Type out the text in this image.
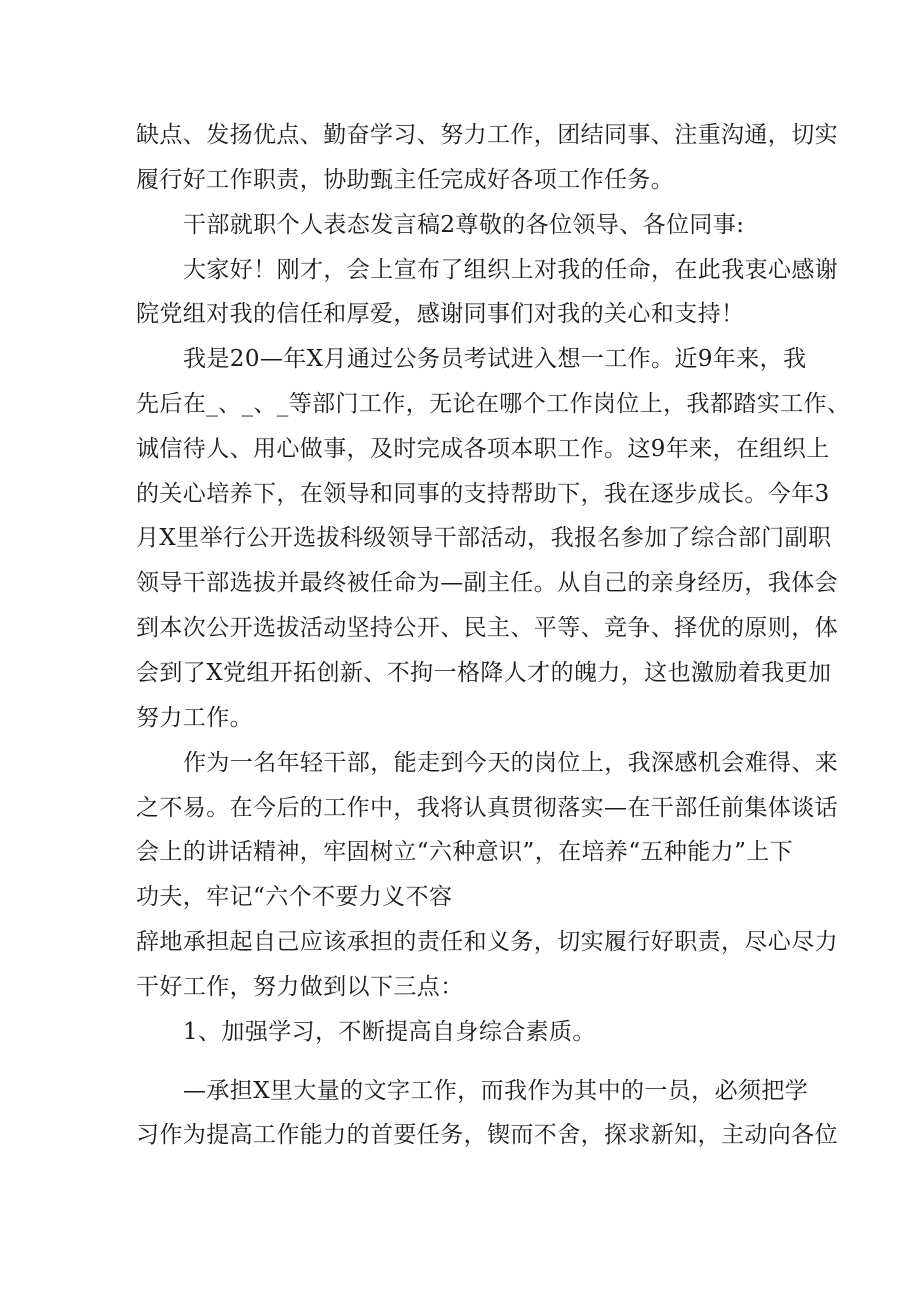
缺点、发扬优点、勤奋学习、努力工作，团结同事、注重沟通，切实
履行好工作职责，协助甄主任完成好各项工作任务。
干部就职个人表态发言稿2尊敬的各位领导、各位同事:
大家好！刚才，会上宣布了组织上对我的任命，在此我衷心感谢
院党组对我的信任和厚爱，感谢同事们对我的关心和支持！
我是20—年X月通过公务员考试进入想一工作。近9年来，我
先后在_、_、_等部门工作，无论在哪个工作岗位上，我都踏实工作、
诚信待人、用心做事，及时完成各项本职工作。这9年来，在组织上
的关心培养下，在领导和同事的支持帮助下，我在逐步成长。今年3
月X里举行公开选拔科级领导干部活动，我报名参加了综合部门副职
领导干部选拔并最终被任命为—副主任。从自己的亲身经历，我体会
到本次公开选拔活动坚持公开、民主、平等、竞争、择优的原则，体
会到了X党组开拓创新、不拘一格降人才的魄力，这也激励着我更加
努力工作。
作为一名年轻干部，能走到今天的岗位上，我深感机会难得、来
之不易。在今后的工作中，我将认真贯彻落实—在干部任前集体谈话
会上的讲话精神，牢固树立“六种意识”，在培养“五种能力”上下
功夫，牢记“六个不要力义不容
辞地承担起自己应该承担的责任和义务，切实履行好职责，尽心尽力
干好工作，努力做到以下三点：
1、加强学习，不断提高自身综合素质。
—承担X里大量的文字工作，而我作为其中的一员，必须把学
习作为提高工作能力的首要任务，锲而不舍，探求新知，主动向各位
